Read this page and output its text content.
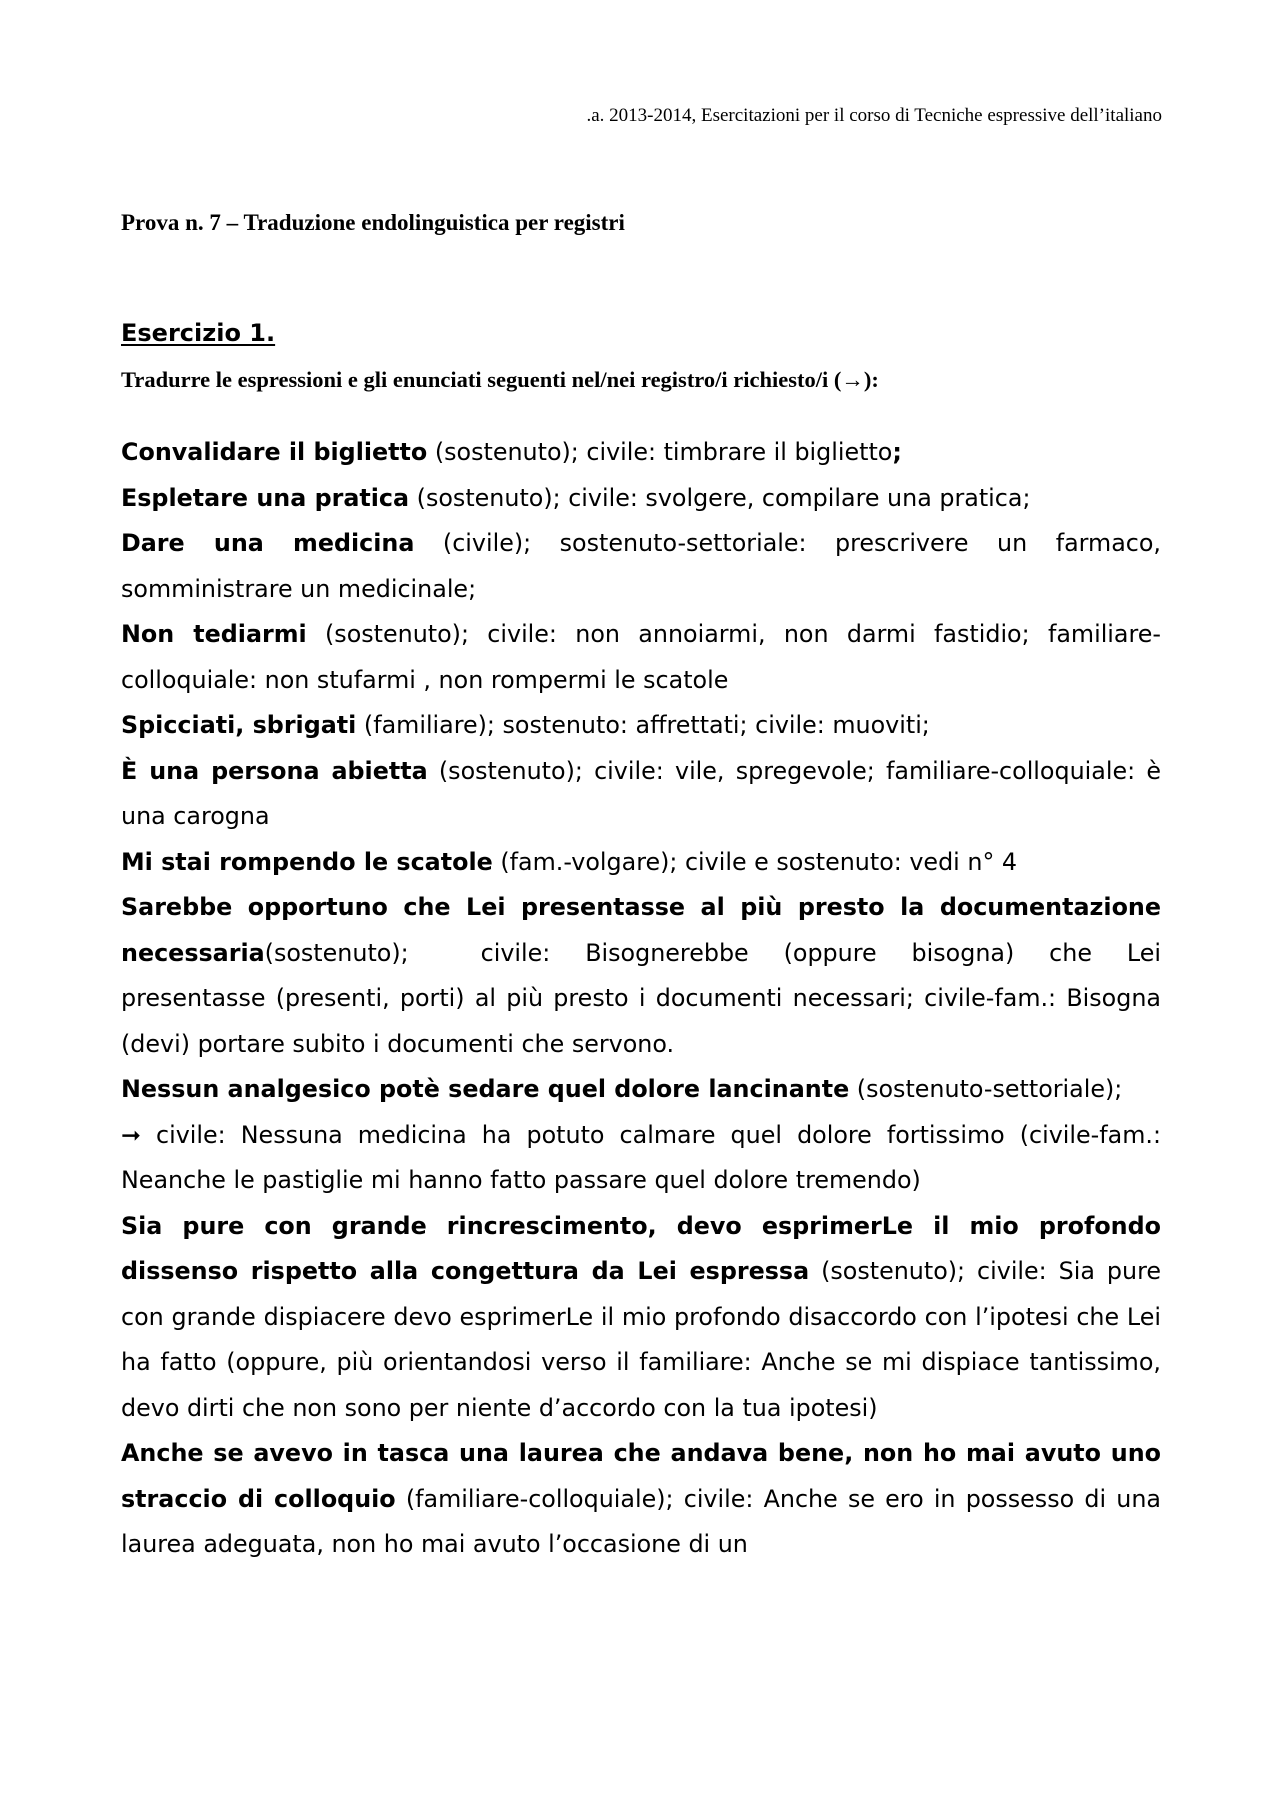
.a. 2013-2014, Esercitazioni per il corso di Tecniche espressive dell’italiano
Prova n. 7 – Traduzione endolinguistica per registri
Esercizio 1.
Tradurre le espressioni e gli enunciati seguenti nel/nei registro/i richiesto/i (→):

Convalidare il biglietto (sostenuto); civile: timbrare il biglietto;

Espletare una pratica (sostenuto); civile: svolgere, compilare una pratica;

Dare una medicina (civile); sostenuto-settoriale: prescrivere un farmaco, somministrare un medicinale;

Non tediarmi (sostenuto); civile: non annoiarmi, non darmi fastidio; familiare-colloquiale: non stufarmi , non rompermi le scatole

Spicciati, sbrigati (familiare); sostenuto: affrettati; civile: muoviti;

È una persona abietta (sostenuto); civile: vile, spregevole; familiare-colloquiale: è una carogna

Mi stai rompendo le scatole (fam.-volgare); civile e sostenuto: vedi n° 4

Sarebbe opportuno che Lei presentasse al più presto la documentazione necessaria(sostenuto);	civile: Bisognerebbe (oppure bisogna) che Lei presentasse (presenti, porti) al più presto i documenti necessari; civile-fam.: Bisogna (devi) portare subito i documenti che servono.

Nessun analgesico potè sedare quel dolore lancinante (sostenuto-settoriale);

➞ civile: Nessuna medicina ha potuto calmare quel dolore fortissimo (civile-fam.: Neanche le pastiglie mi hanno fatto passare quel dolore tremendo)

Sia pure con grande rincrescimento, devo esprimerLe il mio profondo dissenso rispetto alla congettura da Lei espressa (sostenuto); civile: Sia pure con grande dispiacere devo esprimerLe il mio profondo disaccordo con l’ipotesi che Lei ha fatto (oppure, più orientandosi verso il familiare: Anche se mi dispiace tantissimo, devo dirti che non sono per niente d’accordo con la tua ipotesi)

Anche se avevo in tasca una laurea che andava bene, non ho mai avuto uno straccio di colloquio (familiare-colloquiale); civile: Anche se ero in possesso di una laurea adeguata, non ho mai avuto l’occasione di un
